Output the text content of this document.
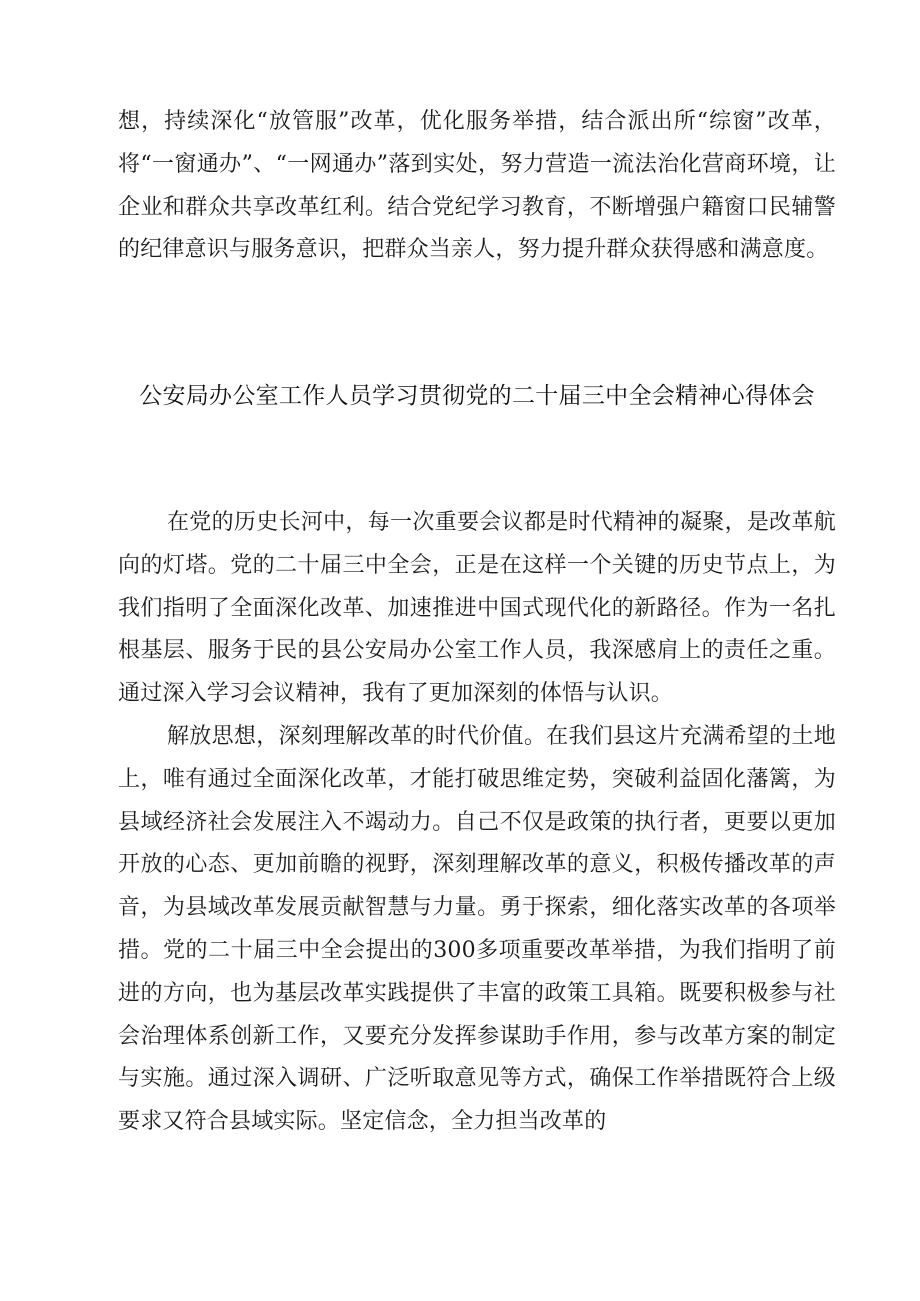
想，持续深化“放管服”改革，优化服务举措，结合派出所“综窗”改革，将“一窗通办”、“一网通办”落到实处，努力营造一流法治化营商环境，让企业和群众共享改革红利。结合党纪学习教育，不断增强户籍窗口民辅警的纪律意识与服务意识，把群众当亲人，努力提升群众获得感和满意度。

公安局办公室工作人员学习贯彻党的二十届三中全会精神心得体会

在党的历史长河中，每一次重要会议都是时代精神的凝聚，是改革航向的灯塔。党的二十届三中全会，正是在这样一个关键的历史节点上，为我们指明了全面深化改革、加速推进中国式现代化的新路径。作为一名扎根基层、服务于民的县公安局办公室工作人员，我深感肩上的责任之重。通过深入学习会议精神，我有了更加深刻的体悟与认识。

解放思想，深刻理解改革的时代价值。在我们县这片充满希望的土地上，唯有通过全面深化改革，才能打破思维定势，突破利益固化藩篱，为县域经济社会发展注入不竭动力。自己不仅是政策的执行者，更要以更加开放的心态、更加前瞻的视野，深刻理解改革的意义，积极传播改革的声音，为县域改革发展贡献智慧与力量。勇于探索，细化落实改革的各项举措。党的二十届三中全会提出的300多项重要改革举措，为我们指明了前进的方向，也为基层改革实践提供了丰富的政策工具箱。既要积极参与社会治理体系创新工作，又要充分发挥参谋助手作用，参与改革方案的制定与实施。通过深入调研、广泛听取意见等方式，确保工作举措既符合上级要求又符合县域实际。坚定信念，全力担当改革的
